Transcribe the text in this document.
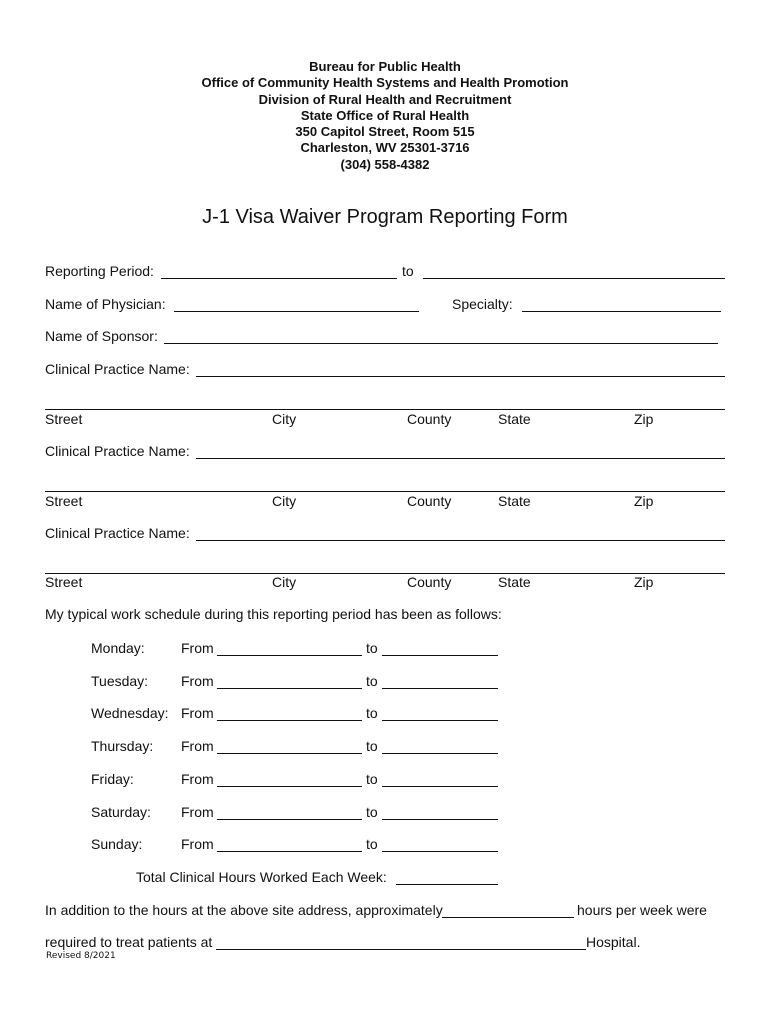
Bureau for Public Health
Office of Community Health Systems and Health Promotion
Division of Rural Health and Recruitment
State Office of Rural Health
350 Capitol Street, Room 515
Charleston, WV 25301-3716
(304) 558-4382
J-1 Visa Waiver Program Reporting Form
Reporting Period:	to
Name of Physician:	Specialty:
Name of Sponsor:
Clinical Practice Name:
Street	City	County	State	Zip
Clinical Practice Name:
Street	City	County	State	Zip
Clinical Practice Name:
Street	City	County	State	Zip
My typical work schedule during this reporting period has been as follows:
Monday:	From	to
Tuesday: From	to
Wednesday: From	to
Thursday: From	to
Friday:	From	to
Saturday: From	to
Sunday:	From	to
Total Clinical Hours Worked Each Week:
In addition to the hours at the above site address, approximately	hours per week were
required to treat patients at	Hospital.
Revised 8/2021
